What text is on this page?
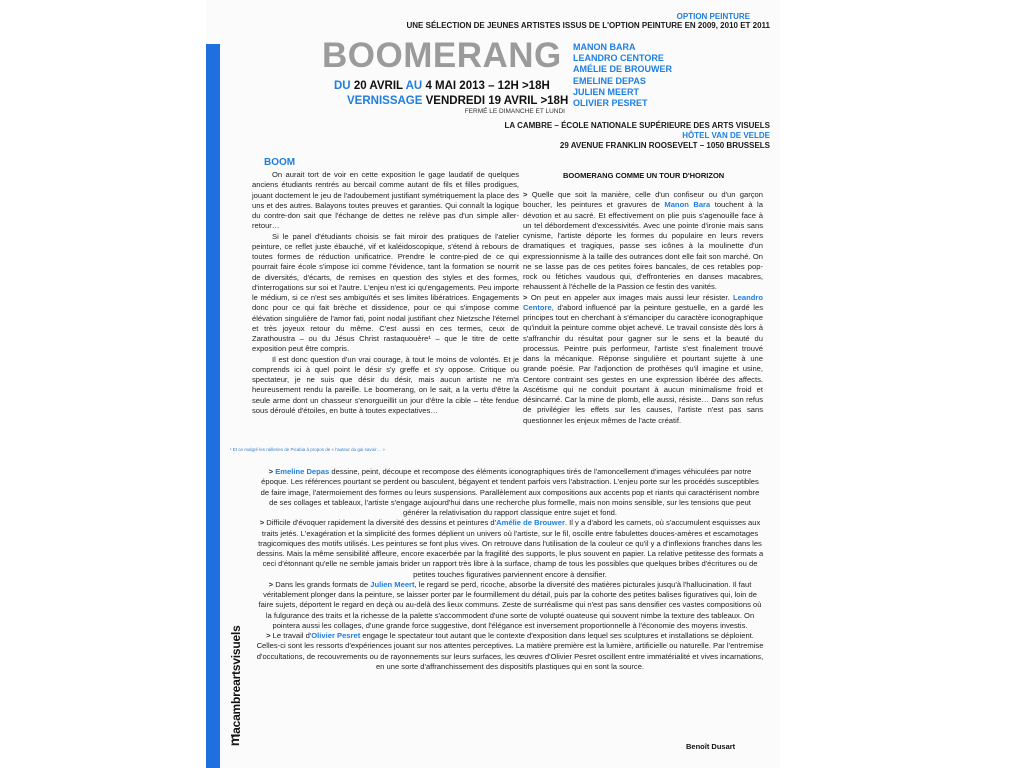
lacambreartsvisuels
m
OPTION PEINTURE
UNE SÉLECTION DE JEUNES ARTISTES ISSUS DE L'OPTION PEINTURE EN 2009, 2010 ET 2011
BOOMERANG MANON BARA
LEANDRO CENTORE
AMÉLIE DE BROUWER
EMELINE DEPAS
JULIEN MEERT
OLIVIER PESRET
DU 20 AVRIL AU 4 MAI 2013 – 12H >18H
VERNISSAGE VENDREDI 19 AVRIL >18H
FERMÉ LE DIMANCHE ET LUNDI
LA CAMBRE – ÉCOLE NATIONALE SUPÉRIEURE DES ARTS VISUELS
HÔTEL VAN DE VELDE
29 AVENUE FRANKLIN ROOSEVELT – 1050 BRUSSELS
BOOM
BOOMERANG COMME UN TOUR D'HORIZON

On aurait tort de voir en cette exposition le gage laudatif de quelques anciens étudiants rentrés au bercail comme autant de fils et filles prodigues, jouant doctement le jeu de l'adoubement justifiant symétriquement la place des uns et des autres. Balayons toutes preuves et garanties. Qui connaît la logique du contre-don sait que l'échange de dettes ne relève pas d'un simple aller-retour…

Si le panel d'étudiants choisis se fait miroir des pratiques de l'atelier peinture, ce reflet juste ébauché, vif et kaléidoscopique, s'étend à rebours de toutes formes de réduction unificatrice. Prendre le contre-pied de ce qui pourrait faire école s'impose ici comme l'évidence, tant la formation se nourrit de diversités, d'écarts, de remises en question des styles et des formes, d'interrogations sur soi et l'autre. L'enjeu n'est ici qu'engagements. Peu importe le médium, si ce n'est ses ambiguïtés et ses limites libératrices. Engagements donc pour ce qui fait brèche et dissidence, pour ce qui s'impose comme élévation singulière de l'amor fati, point nodal justifiant chez Nietzsche l'éternel et très joyeux retour du même. C'est aussi en ces termes, ceux de Zarathoustra – ou du Jésus Christ rastaquouère¹ – que le titre de cette exposition peut être compris.

Il est donc question d'un vrai courage, à tout le moins de volontés. Et je comprends ici à quel point le désir s'y greffe et s'y oppose. Critique ou spectateur, je ne suis que désir du désir, mais aucun artiste ne m'a heureusement rendu la pareille. Le boomerang, on le sait, a la vertu d'être la seule arme dont un chasseur s'enorgueillit un jour d'être la cible – tête fendue sous déroulé d'étoiles, en butte à toutes expectatives…

¹ Et ce malgré les railleries de Picabia à propos de « l'auteur du gai savoir… »

> Quelle que soit la manière, celle d'un confiseur ou d'un garçon boucher, les peintures et gravures de Manon Bara touchent à la dévotion et au sacré. Et effectivement on plie puis s'agenouille face à un tel débordement d'excessivités. Avec une pointe d'ironie mais sans cynisme, l'artiste déporte les formes du populaire en leurs revers dramatiques et tragiques, passe ses icônes à la moulinette d'un expressionnisme à la taille des outrances dont elle fait son marché. On ne se lasse pas de ces petites foires bancales, de ces retables pop-rock ou fétiches vaudous qui, d'effronteries en danses macabres, rehaussent à l'échelle de la Passion ce festin des vanités.

> On peut en appeler aux images mais aussi leur résister. Leandro Centore, d'abord influencé par la peinture gestuelle, en a gardé les principes tout en cherchant à s'émanciper du caractère iconographique qu'induit la peinture comme objet achevé. Le travail consiste dès lors à s'affranchir du résultat pour gagner sur le sens et la beauté du processus. Peintre puis performeur, l'artiste s'est finalement trouvé dans la mécanique. Réponse singulière et pourtant sujette à une grande poésie. Par l'adjonction de prothèses qu'il imagine et usine, Centore contraint ses gestes en une expression libérée des affects. Ascétisme qui ne conduit pourtant à aucun minimalisme froid et désincarné. Car la mine de plomb, elle aussi, résiste… Dans son refus de privilégier les effets sur les causes, l'artiste n'est pas sans questionner les enjeux mêmes de l'acte créatif.

> Emeline Depas dessine, peint, découpe et recompose des éléments iconographiques tirés de l'amoncellement d'images véhiculées par notre époque. Les références pourtant se perdent ou basculent, bégayent et tendent parfois vers l'abstraction. L'enjeu porte sur les procédés susceptibles de faire image, l'atermoiement des formes ou leurs suspensions. Parallèlement aux compositions aux accents pop et riants qui caractérisent nombre de ses collages et tableaux, l'artiste s'engage aujourd'hui dans une recherche plus formelle, mais non moins sensible, sur les tensions que peut générer la relativisation du rapport classique entre sujet et fond.

> Difficile d'évoquer rapidement la diversité des dessins et peintures d'Amélie de Brouwer. Il y a d'abord les carnets, où s'accumulent esquisses aux traits jetés. L'exagération et la simplicité des formes déplient un univers où l'artiste, sur le fil, oscille entre fabulettes douces-amères et escamotages tragicomiques des motifs utilisés. Les peintures se font plus vives. On retrouve dans l'utilisation de la couleur ce qu'il y a d'inflexions franches dans les dessins. Mais la même sensibilité affleure, encore exacerbée par la fragilité des supports, le plus souvent en papier. La relative petitesse des formats a ceci d'étonnant qu'elle ne semble jamais brider un rapport très libre à la surface, champ de tous les possibles que quelques bribes d'écritures ou de petites touches figuratives parviennent encore à densifier.

> Dans les grands formats de Julien Meert, le regard se perd, ricoche, absorbe la diversité des matières picturales jusqu'à l'hallucination. Il faut véritablement plonger dans la peinture, se laisser porter par le fourmillement du détail, puis par la cohorte des petites balises figuratives qui, loin de faire sujets, déportent le regard en deçà ou au-delà des lieux communs. Zeste de surréalisme qui n'est pas sans densifier ces vastes compositions où la fulgurance des traits et la richesse de la palette s'accommodent d'une sorte de volupté ouateuse qui souvent nimbe la texture des tableaux. On pointera aussi les collages, d'une grande force suggestive, dont l'élégance est inversement proportionnelle à l'économie des moyens investis.

> Le travail d'Olivier Pesret engage le spectateur tout autant que le contexte d'exposition dans lequel ses sculptures et installations se déploient. Celles-ci sont les ressorts d'expériences jouant sur nos attentes perceptives. La matière première est la lumière, artificielle ou naturelle. Par l'entremise d'occultations, de recouvrements ou de rayonnements sur leurs surfaces, les œuvres d'Olivier Pesret oscillent entre immatérialité et vives incarnations, en une sorte d'affranchissement des dispositifs plastiques qui en sont la source.

Benoît Dusart
